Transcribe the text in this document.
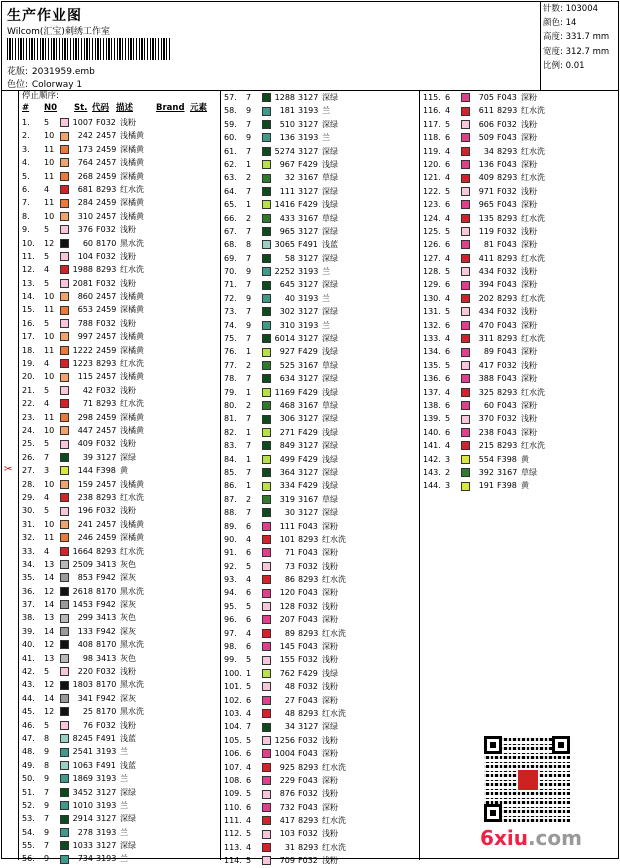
生产作业图
Wilcom(汇宝)刺绣工作室
花版: 2031959.emb
色位: Colorway 1
针数: 103004
颜色: 14
高度: 331.7 mm
宽度: 312.7 mm
比例: 0.01
✂
停止顺序:
# N0 St. 代码 描述	Brand 元素
1.	5	1007 F032 浅粉
2.	10	242 2457 浅橘黄
3.	11	173 2459 深橘黄
4.	10	764 2457 浅橘黄
5.	11	268 2459 深橘黄
6.	4	681 8293 红水洗
7.	11	284 2459 深橘黄
8.	10	310 2457 浅橘黄
9.	5	376 F032 浅粉
10.	12	60 8170 黑水洗
11.	5	104 F032 浅粉
12.	4	1988 8293 红水洗
13.	5	2081 F032 浅粉
14.	10	860 2457 浅橘黄
15.	11	653 2459 深橘黄
16.	5	788 F032 浅粉
17.	10	997 2457 浅橘黄
18.	11	1222 2459 深橘黄
19.	4	1223 8293 红水洗
20.	10	115 2457 浅橘黄
21.	5	42 F032 浅粉
22.	4	71 8293 红水洗
23.	11	298 2459 深橘黄
24.	10	447 2457 浅橘黄
25.	5	409 F032 浅粉
26.	7	39 3127 深绿
27.	3	144 F398 黄
28.	10	159 2457 浅橘黄
29.	4	238 8293 红水洗
30.	5	196 F032 浅粉
31.	10	241 2457 浅橘黄
32.	11	246 2459 深橘黄
33.	4	1664 8293 红水洗
34.	13	2509 3413 灰色
35.	14	853 F942 深灰
36.	12	2618 8170 黑水洗
37.	14	1453 F942 深灰
38.	13	299 3413 灰色
39.	14	133 F942 深灰
40.	12	408 8170 黑水洗
41.	13	98 3413 灰色
42.	5	220 F032 浅粉
43.	12	1803 8170 黑水洗
44.	14	341 F942 深灰
45.	12	25 8170 黑水洗
46.	5	76 F032 浅粉
47.	8	8245 F491 浅蓝
48.	9	2541 3193 兰
49.	8	1063 F491 浅蓝
50.	9	1869 3193 兰
51.	7	3452 3127 深绿
52.	9	1010 3193 兰
53.	7	2914 3127 深绿
54.	9	278 3193 兰
55.	7	1033 3127 深绿
56.	9	734 3193 兰
57.	7	1288 3127 深绿
58.	9	181 3193 兰
59.	7	510 3127 深绿
60.	9	136 3193 兰
61.	7	5274 3127 深绿
62.	1	967 F429 浅绿
63.	2	32 3167 草绿
64.	7	111 3127 深绿
65.	1	1416 F429 浅绿
66.	2	433 3167 草绿
67.	7	965 3127 深绿
68.	8	3065 F491 浅蓝
69.	7	58 3127 深绿
70.	9	2252 3193 兰
71.	7	645 3127 深绿
72.	9	40 3193 兰
73.	7	302 3127 深绿
74.	9	310 3193 兰
75.	7	6014 3127 深绿
76.	1	927 F429 浅绿
77.	2	525 3167 草绿
78.	7	634 3127 深绿
79.	1	1169 F429 浅绿
80.	2	468 3167 草绿
81.	7	306 3127 深绿
82.	1	271 F429 浅绿
83.	7	849 3127 深绿
84.	1	499 F429 浅绿
85.	7	364 3127 深绿
86.	1	334 F429 浅绿
87.	2	319 3167 草绿
88.	7	30 3127 深绿
89.	6	111 F043 深粉
90.	4	101 8293 红水洗
91.	6	71 F043 深粉
92.	5	73 F032 浅粉
93.	4	86 8293 红水洗
94.	6	120 F043 深粉
95.	5	128 F032 浅粉
96.	6	207 F043 深粉
97.	4	89 8293 红水洗
98.	6	145 F043 深粉
99.	5	155 F032 浅粉
100. 1	762 F429 浅绿
101. 5	48 F032 浅粉
102. 6	27 F043 深粉
103. 4	48 8293 红水洗
104. 7	34 3127 深绿
105. 5	1256 F032 浅粉
106. 6	1004 F043 深粉
107. 4	925 8293 红水洗
108. 6	229 F043 深粉
109. 5	876 F032 浅粉
110. 6	732 F043 深粉
111. 4	417 8293 红水洗
112. 5	103 F032 浅粉
113. 4	31 8293 红水洗
114. 5	709 F032 浅粉
115. 6	705 F043 深粉
116. 4	611 8293 红水洗
117. 5	606 F032 浅粉
118. 6	509 F043 深粉
119. 4	34 8293 红水洗
120. 6	136 F043 深粉
121. 4	409 8293 红水洗
122. 5	971 F032 浅粉
123. 6	965 F043 深粉
124. 4	135 8293 红水洗
125. 5	119 F032 浅粉
126. 6	81 F043 深粉
127. 4	411 8293 红水洗
128. 5	434 F032 浅粉
129. 6	394 F043 深粉
130. 4	202 8293 红水洗
131. 5	434 F032 浅粉
132. 6	470 F043 深粉
133. 4	311 8293 红水洗
134. 6	89 F043 深粉
135. 5	417 F032 浅粉
136. 6	388 F043 深粉
137. 4	325 8293 红水洗
138. 6	60 F043 深粉
139. 5	370 F032 浅粉
140. 6	238 F043 深粉
141. 4	215 8293 红水洗
142. 3	554 F398 黄
143. 2	392 3167 草绿
144. 3	191 F398 黄
6xiu.com
